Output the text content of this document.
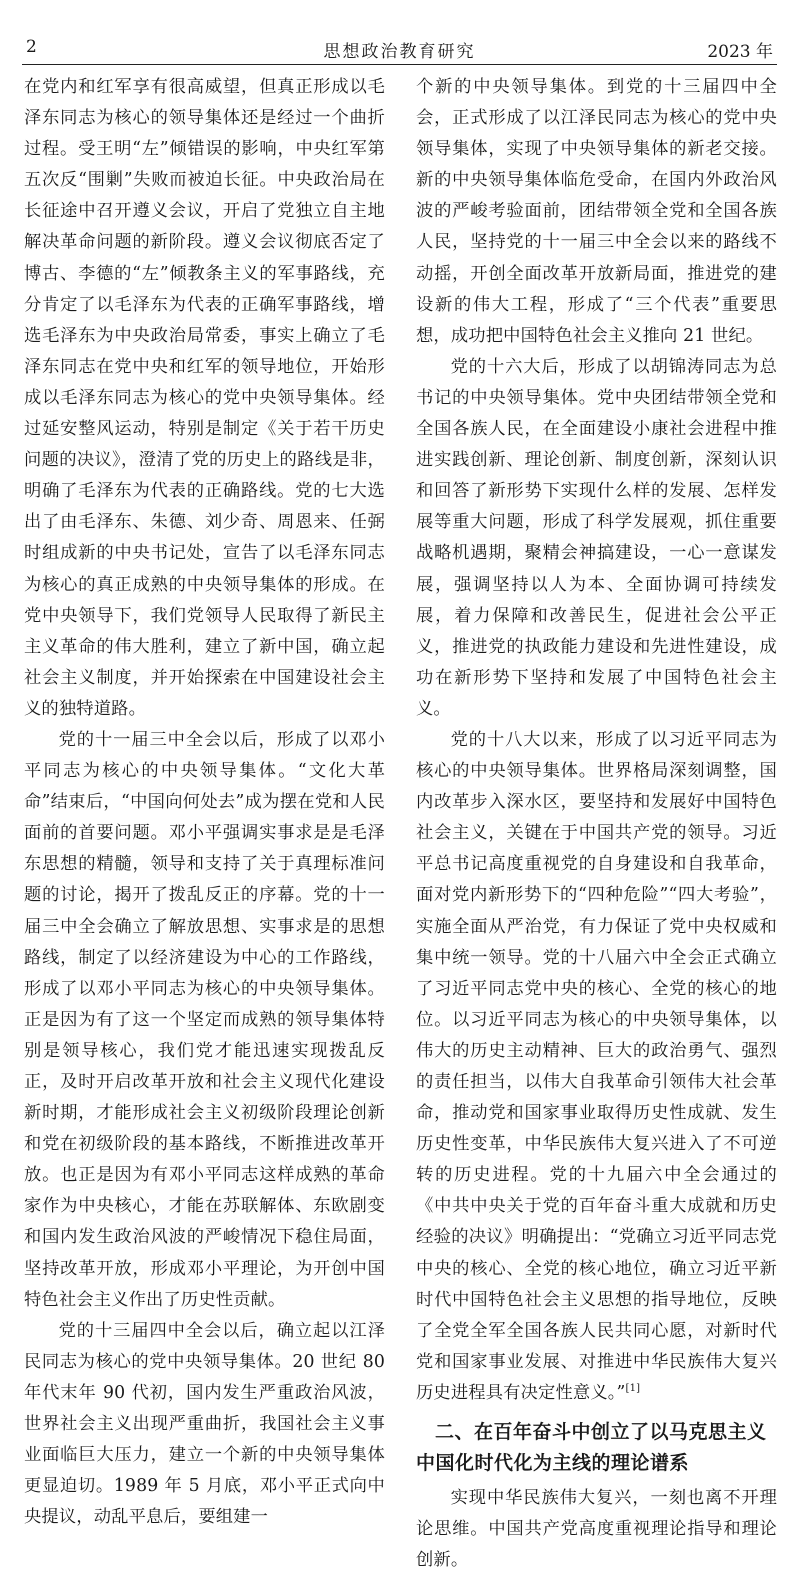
2	思想政治教育研究	2023 年

在党内和红军享有很高威望，但真正形成以毛泽东同志为核心的领导集体还是经过一个曲折过程。受王明“左”倾错误的影响，中央红军第五次反“围剿”失败而被迫长征。中央政治局在长征途中召开遵义会议，开启了党独立自主地解决革命问题的新阶段。遵义会议彻底否定了博古、李德的“左”倾教条主义的军事路线，充分肯定了以毛泽东为代表的正确军事路线，增选毛泽东为中央政治局常委，事实上确立了毛泽东同志在党中央和红军的领导地位，开始形成以毛泽东同志为核心的党中央领导集体。经过延安整风运动，特别是制定《关于若干历史问题的决议》，澄清了党的历史上的路线是非，明确了毛泽东为代表的正确路线。党的七大选出了由毛泽东、朱德、刘少奇、周恩来、任弼时组成新的中央书记处，宣告了以毛泽东同志为核心的真正成熟的中央领导集体的形成。在党中央领导下，我们党领导人民取得了新民主主义革命的伟大胜利，建立了新中国，确立起社会主义制度，并开始探索在中国建设社会主义的独特道路。

党的十一届三中全会以后，形成了以邓小平同志为核心的中央领导集体。“文化大革命”结束后，“中国向何处去”成为摆在党和人民面前的首要问题。邓小平强调实事求是是毛泽东思想的精髓，领导和支持了关于真理标准问题的讨论，揭开了拨乱反正的序幕。党的十一届三中全会确立了解放思想、实事求是的思想路线，制定了以经济建设为中心的工作路线，形成了以邓小平同志为核心的中央领导集体。正是因为有了这一个坚定而成熟的领导集体特别是领导核心，我们党才能迅速实现拨乱反正，及时开启改革开放和社会主义现代化建设新时期，才能形成社会主义初级阶段理论创新和党在初级阶段的基本路线，不断推进改革开放。也正是因为有邓小平同志这样成熟的革命家作为中央核心，才能在苏联解体、东欧剧变和国内发生政治风波的严峻情况下稳住局面，坚持改革开放，形成邓小平理论，为开创中国特色社会主义作出了历史性贡献。

党的十三届四中全会以后，确立起以江泽民同志为核心的党中央领导集体。20 世纪 80 年代末年 90 代初，国内发生严重政治风波，世界社会主义出现严重曲折，我国社会主义事业面临巨大压力，建立一个新的中央领导集体更显迫切。1989 年 5 月底，邓小平正式向中央提议，动乱平息后，要组建一

个新的中央领导集体。到党的十三届四中全会，正式形成了以江泽民同志为核心的党中央领导集体，实现了中央领导集体的新老交接。新的中央领导集体临危受命，在国内外政治风波的严峻考验面前，团结带领全党和全国各族人民，坚持党的十一届三中全会以来的路线不动摇，开创全面改革开放新局面，推进党的建设新的伟大工程，形成了“三个代表”重要思想，成功把中国特色社会主义推向 21 世纪。

党的十六大后，形成了以胡锦涛同志为总书记的中央领导集体。党中央团结带领全党和全国各族人民，在全面建设小康社会进程中推进实践创新、理论创新、制度创新，深刻认识和回答了新形势下实现什么样的发展、怎样发展等重大问题，形成了科学发展观，抓住重要战略机遇期，聚精会神搞建设，一心一意谋发展，强调坚持以人为本、全面协调可持续发展，着力保障和改善民生，促进社会公平正义，推进党的执政能力建设和先进性建设，成功在新形势下坚持和发展了中国特色社会主义。

党的十八大以来，形成了以习近平同志为核心的中央领导集体。世界格局深刻调整，国内改革步入深水区，要坚持和发展好中国特色社会主义，关键在于中国共产党的领导。习近平总书记高度重视党的自身建设和自我革命，面对党内新形势下的“四种危险”“四大考验”，实施全面从严治党，有力保证了党中央权威和集中统一领导。党的十八届六中全会正式确立了习近平同志党中央的核心、全党的核心的地位。以习近平同志为核心的中央领导集体，以伟大的历史主动精神、巨大的政治勇气、强烈的责任担当，以伟大自我革命引领伟大社会革命，推动党和国家事业取得历史性成就、发生历史性变革，中华民族伟大复兴进入了不可逆转的历史进程。党的十九届六中全会通过的《中共中央关于党的百年奋斗重大成就和历史经验的决议》明确提出：“党确立习近平同志党中央的核心、全党的核心地位，确立习近平新时代中国特色社会主义思想的指导地位，反映了全党全军全国各族人民共同心愿，对新时代党和国家事业发展、对推进中华民族伟大复兴历史进程具有决定性意义。”[1]

二、在百年奋斗中创立了以马克思主义中国化时代化为主线的理论谱系

实现中华民族伟大复兴，一刻也离不开理论思维。中国共产党高度重视理论指导和理论创新。
